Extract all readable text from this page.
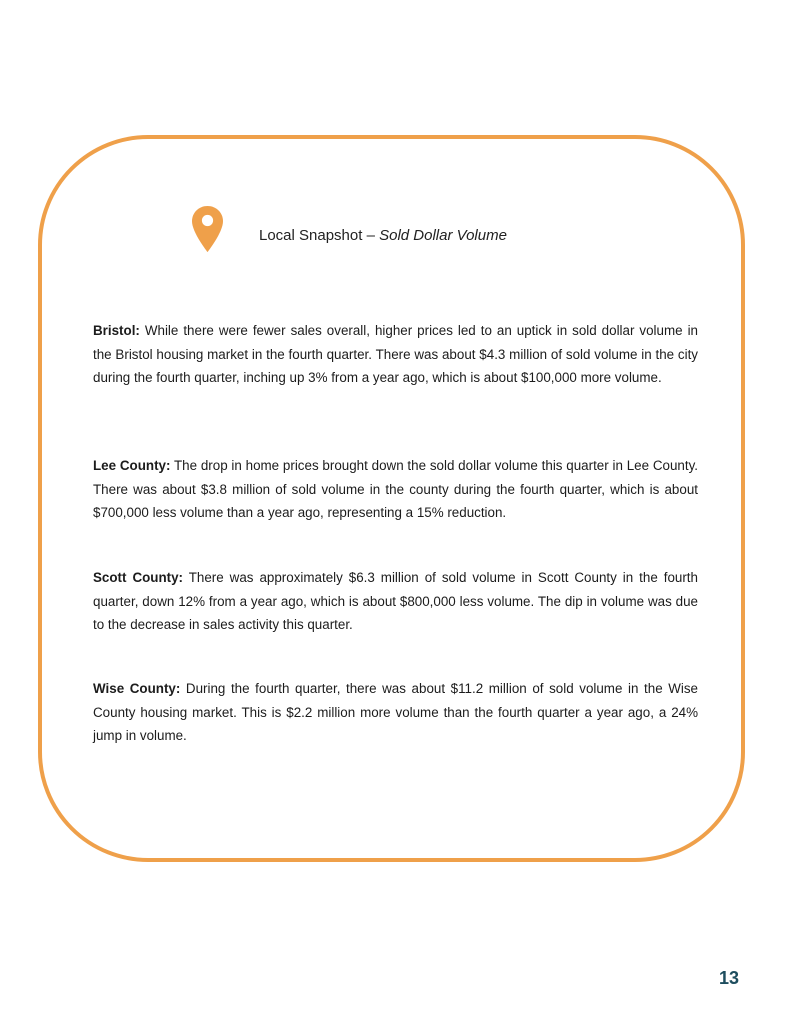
Local Snapshot – Sold Dollar Volume

Bristol: While there were fewer sales overall, higher prices led to an uptick in sold dollar volume in the Bristol housing market in the fourth quarter. There was about $4.3 million of sold volume in the city during the fourth quarter, inching up 3% from a year ago, which is about $100,000 more volume.

Lee County: The drop in home prices brought down the sold dollar volume this quarter in Lee County. There was about $3.8 million of sold volume in the county during the fourth quarter, which is about $700,000 less volume than a year ago, representing a 15% reduction.

Scott County: There was approximately $6.3 million of sold volume in Scott County in the fourth quarter, down 12% from a year ago, which is about $800,000 less volume. The dip in volume was due to the decrease in sales activity this quarter.

Wise County: During the fourth quarter, there was about $11.2 million of sold volume in the Wise County housing market. This is $2.2 million more volume than the fourth quarter a year ago, a 24% jump in volume.

13
